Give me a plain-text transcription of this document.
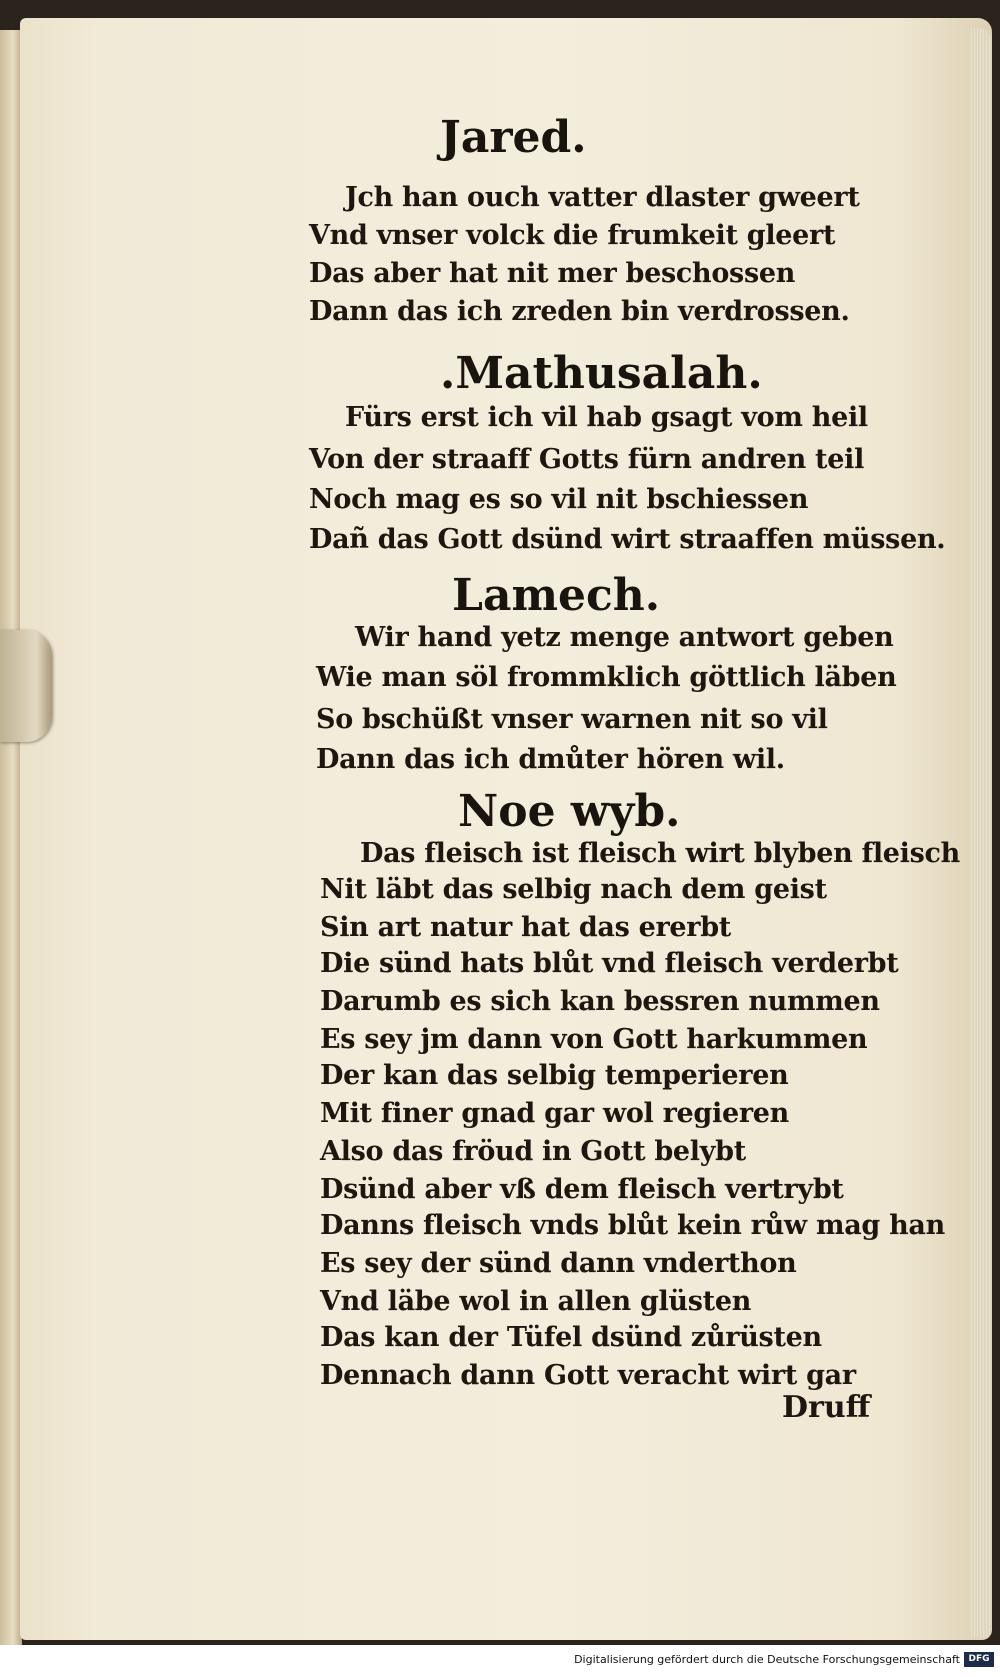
Jared.
Jch han ouch vatter dlaster gweert
Vnd vnser volck die frumkeit gleert
Das aber hat nit mer beschossen
Dann das ich zreden bin verdrossen.
.Mathusalah.
Fürs erst ich vil hab gsagt vom heil
Von der straaff Gotts fürn andren teil
Noch mag es so vil nit bschiessen
Dañ das Gott dsünd wirt straaffen müssen.
Lamech.
Wir hand yetz menge antwort geben
Wie man söl frommklich göttlich läben
So bschüßt vnser warnen nit so vil
Dann das ich dmůter hören wil.
Noe wyb.
Das fleisch ist fleisch wirt blyben fleisch
Nit läbt das selbig nach dem geist
Sin art natur hat das ererbt
Die sünd hats blůt vnd fleisch verderbt
Darumb es sich kan bessren nummen
Es sey jm dann von Gott harkummen
Der kan das selbig temperieren
Mit finer gnad gar wol regieren
Also das fröud in Gott belybt
Dsünd aber vß dem fleisch vertrybt
Danns fleisch vnds blůt kein růw mag han
Es sey der sünd dann vnderthon
Vnd läbe wol in allen glüsten
Das kan der Tüfel dsünd zůrüsten
Dennach dann Gott veracht wirt gar
Druff
Digitalisierung gefördert durch die Deutsche Forschungsgemeinschaft DFG
